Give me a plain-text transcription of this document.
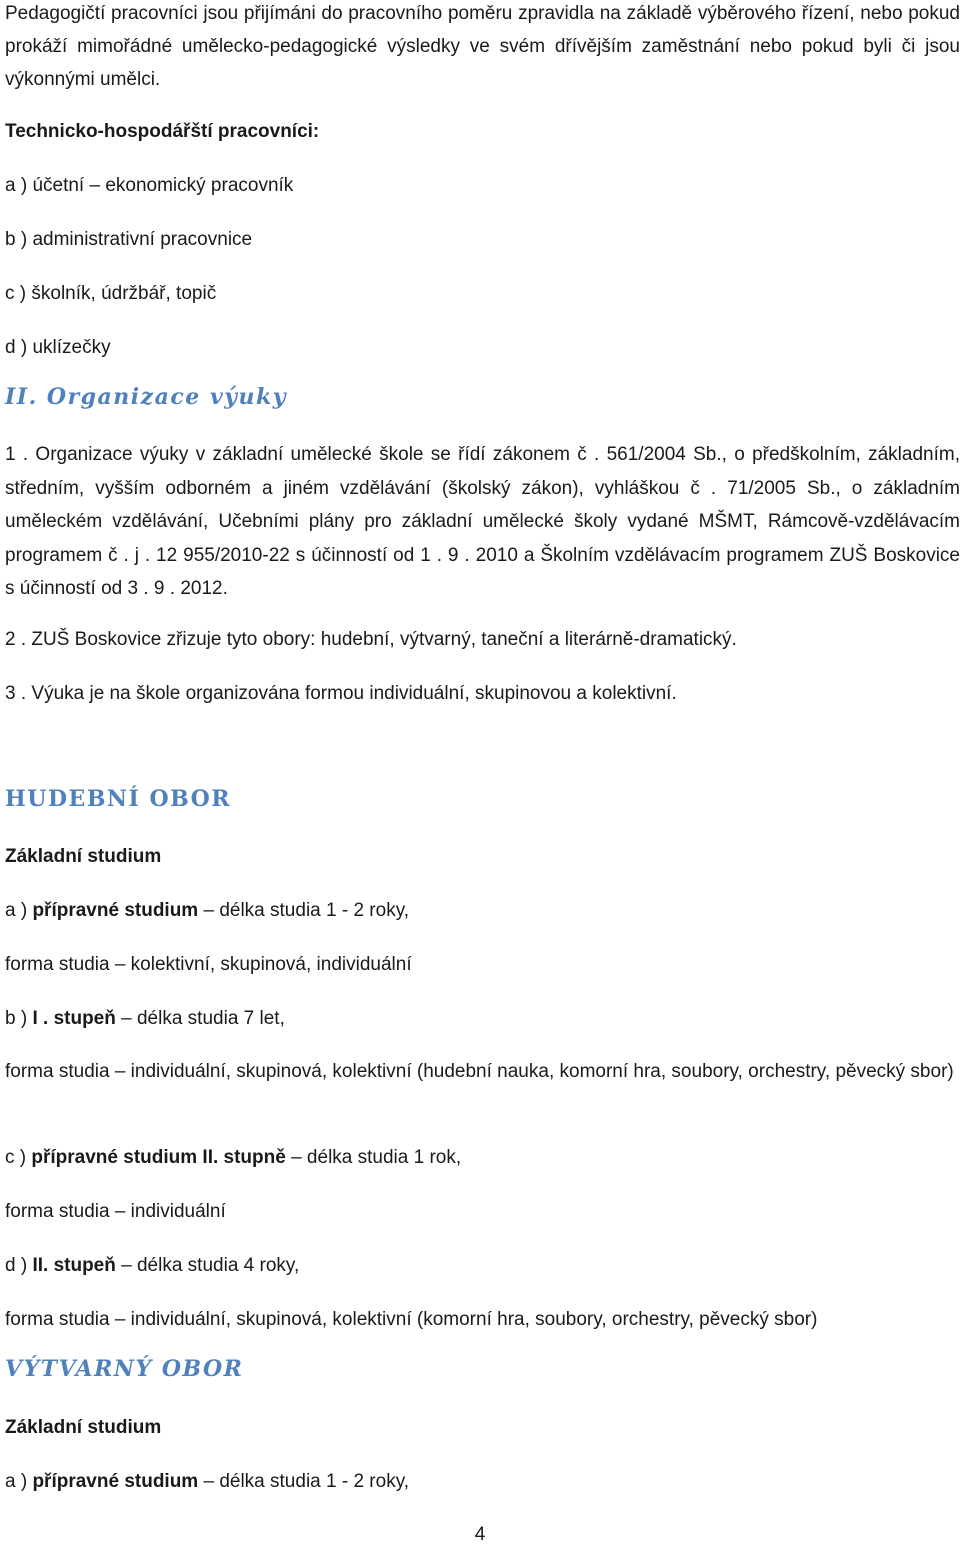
Pedagogičtí pracovníci jsou přijímáni do pracovního poměru zpravidla na základě výběrového řízení, nebo pokud prokáží mimořádné umělecko-pedagogické výsledky ve svém dřívějším zaměstnání nebo pokud byli či jsou výkonnými umělci.
Technicko-hospodářští pracovníci:
a ) účetní – ekonomický pracovník
b ) administrativní pracovnice
c ) školník, údržbář, topič
d ) uklízečky
II. Organizace výuky
1 . Organizace výuky v základní umělecké škole se řídí zákonem č . 561/2004 Sb., o předškolním, základním, středním, vyšším odborném a jiném vzdělávání (školský zákon), vyhláškou č . 71/2005 Sb., o základním uměleckém vzdělávání, Učebními plány pro základní umělecké školy vydané MŠMT, Rámcově-vzdělávacím programem č . j . 12 955/2010-22 s účinností od 1 . 9 . 2010 a Školním vzdělávacím programem ZUŠ Boskovice s účinností od 3 . 9 . 2012.
2 . ZUŠ Boskovice zřizuje tyto obory: hudební, výtvarný, taneční a literárně-dramatický.
3 . Výuka je na škole organizována formou individuální, skupinovou a kolektivní.
HUDEBNÍ OBOR
Základní studium
a ) přípravné studium – délka studia 1 - 2 roky,
forma studia – kolektivní, skupinová, individuální
b ) I . stupeň – délka studia 7 let,
forma studia – individuální, skupinová, kolektivní (hudební nauka, komorní hra, soubory, orchestry, pěvecký sbor)
c ) přípravné studium II. stupně – délka studia 1 rok,
forma studia – individuální
d ) II. stupeň – délka studia 4 roky,
forma studia – individuální, skupinová, kolektivní (komorní hra, soubory, orchestry, pěvecký sbor)
VÝTVARNÝ OBOR
Základní studium
a ) přípravné studium – délka studia 1 - 2 roky,
4
